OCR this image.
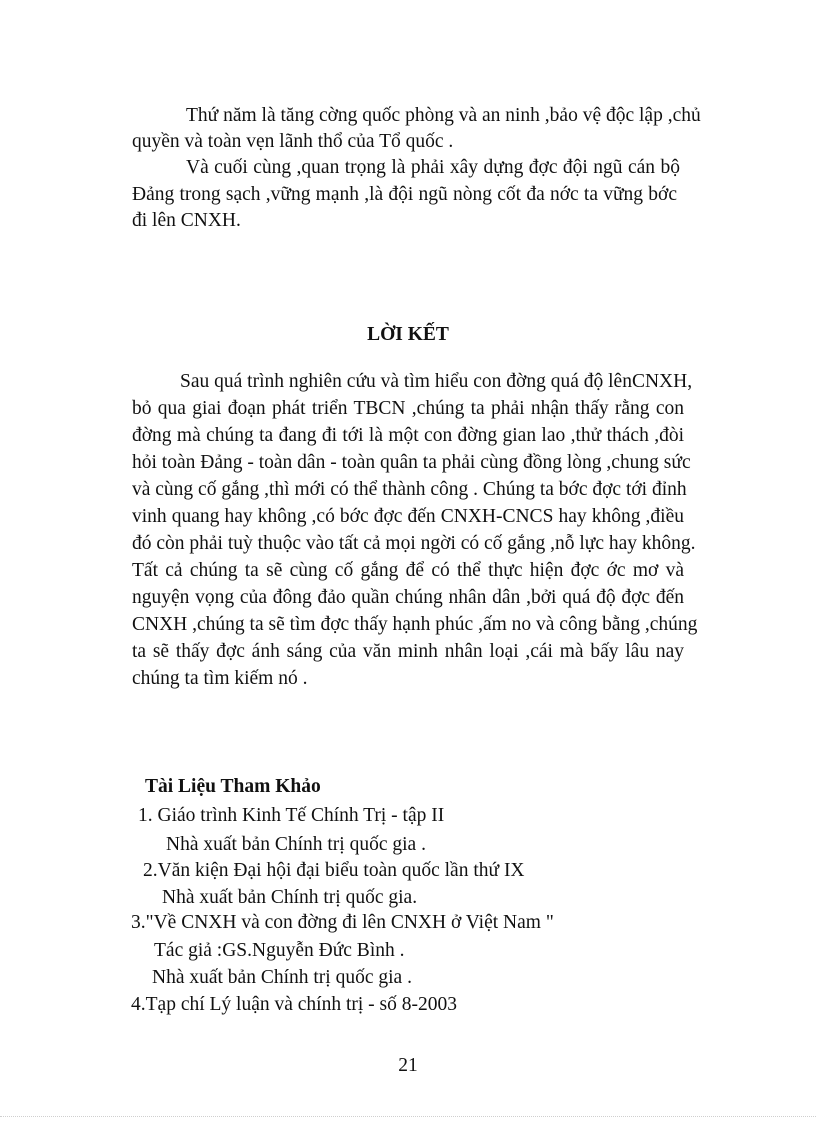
Thứ năm là tăng cờng quốc phòng và an ninh ,bảo vệ độc lập ,chủ
quyền và toàn vẹn lãnh thổ của Tổ quốc .
Và cuối cùng ,quan trọng là phải xây dựng đợc đội ngũ cán bộ
Đảng trong sạch ,vững mạnh ,là đội ngũ nòng cốt đa nớc ta vững bớc
đi lên CNXH.
LỜI KẾT
Sau quá trình nghiên cứu và tìm hiểu con đờng quá độ lênCNXH,
bỏ qua giai đoạn phát triển TBCN ,chúng ta phải nhận thấy rằng con
đờng mà chúng ta đang đi tới là một con đờng gian lao ,thử thách ,đòi
hỏi toàn Đảng - toàn dân - toàn quân ta phải cùng đồng lòng ,chung sức
và cùng cố gắng ,thì mới có thể thành công . Chúng ta bớc đợc tới đỉnh
vinh quang hay không ,có bớc đợc đến CNXH-CNCS hay không ,điều
đó còn phải tuỳ thuộc vào tất cả mọi ngời có cố gắng ,nỗ lực hay không.
Tất cả chúng ta sẽ cùng cố gắng để có thể thực hiện đợc ớc mơ và
nguyện vọng của đông đảo quần chúng nhân dân ,bởi quá độ đợc đến
CNXH ,chúng ta sẽ tìm đợc thấy hạnh phúc ,ấm no và công bằng ,chúng
ta sẽ thấy đợc ánh sáng của văn minh nhân loại ,cái mà bấy lâu nay
chúng ta tìm kiếm nó .
Tài Liệu Tham Khảo
1. Giáo trình Kinh Tế Chính Trị - tập II
Nhà xuất bản Chính trị quốc gia .
2.Văn kiện Đại hội đại biểu toàn quốc lần thứ IX
Nhà xuất bản Chính trị quốc gia.
3."Về CNXH và con đờng đi lên CNXH ở Việt Nam "
Tác giả :GS.Nguyễn Đức Bình .
Nhà xuất bản Chính trị quốc gia .
4.Tạp chí Lý luận và chính trị - số 8-2003
21
